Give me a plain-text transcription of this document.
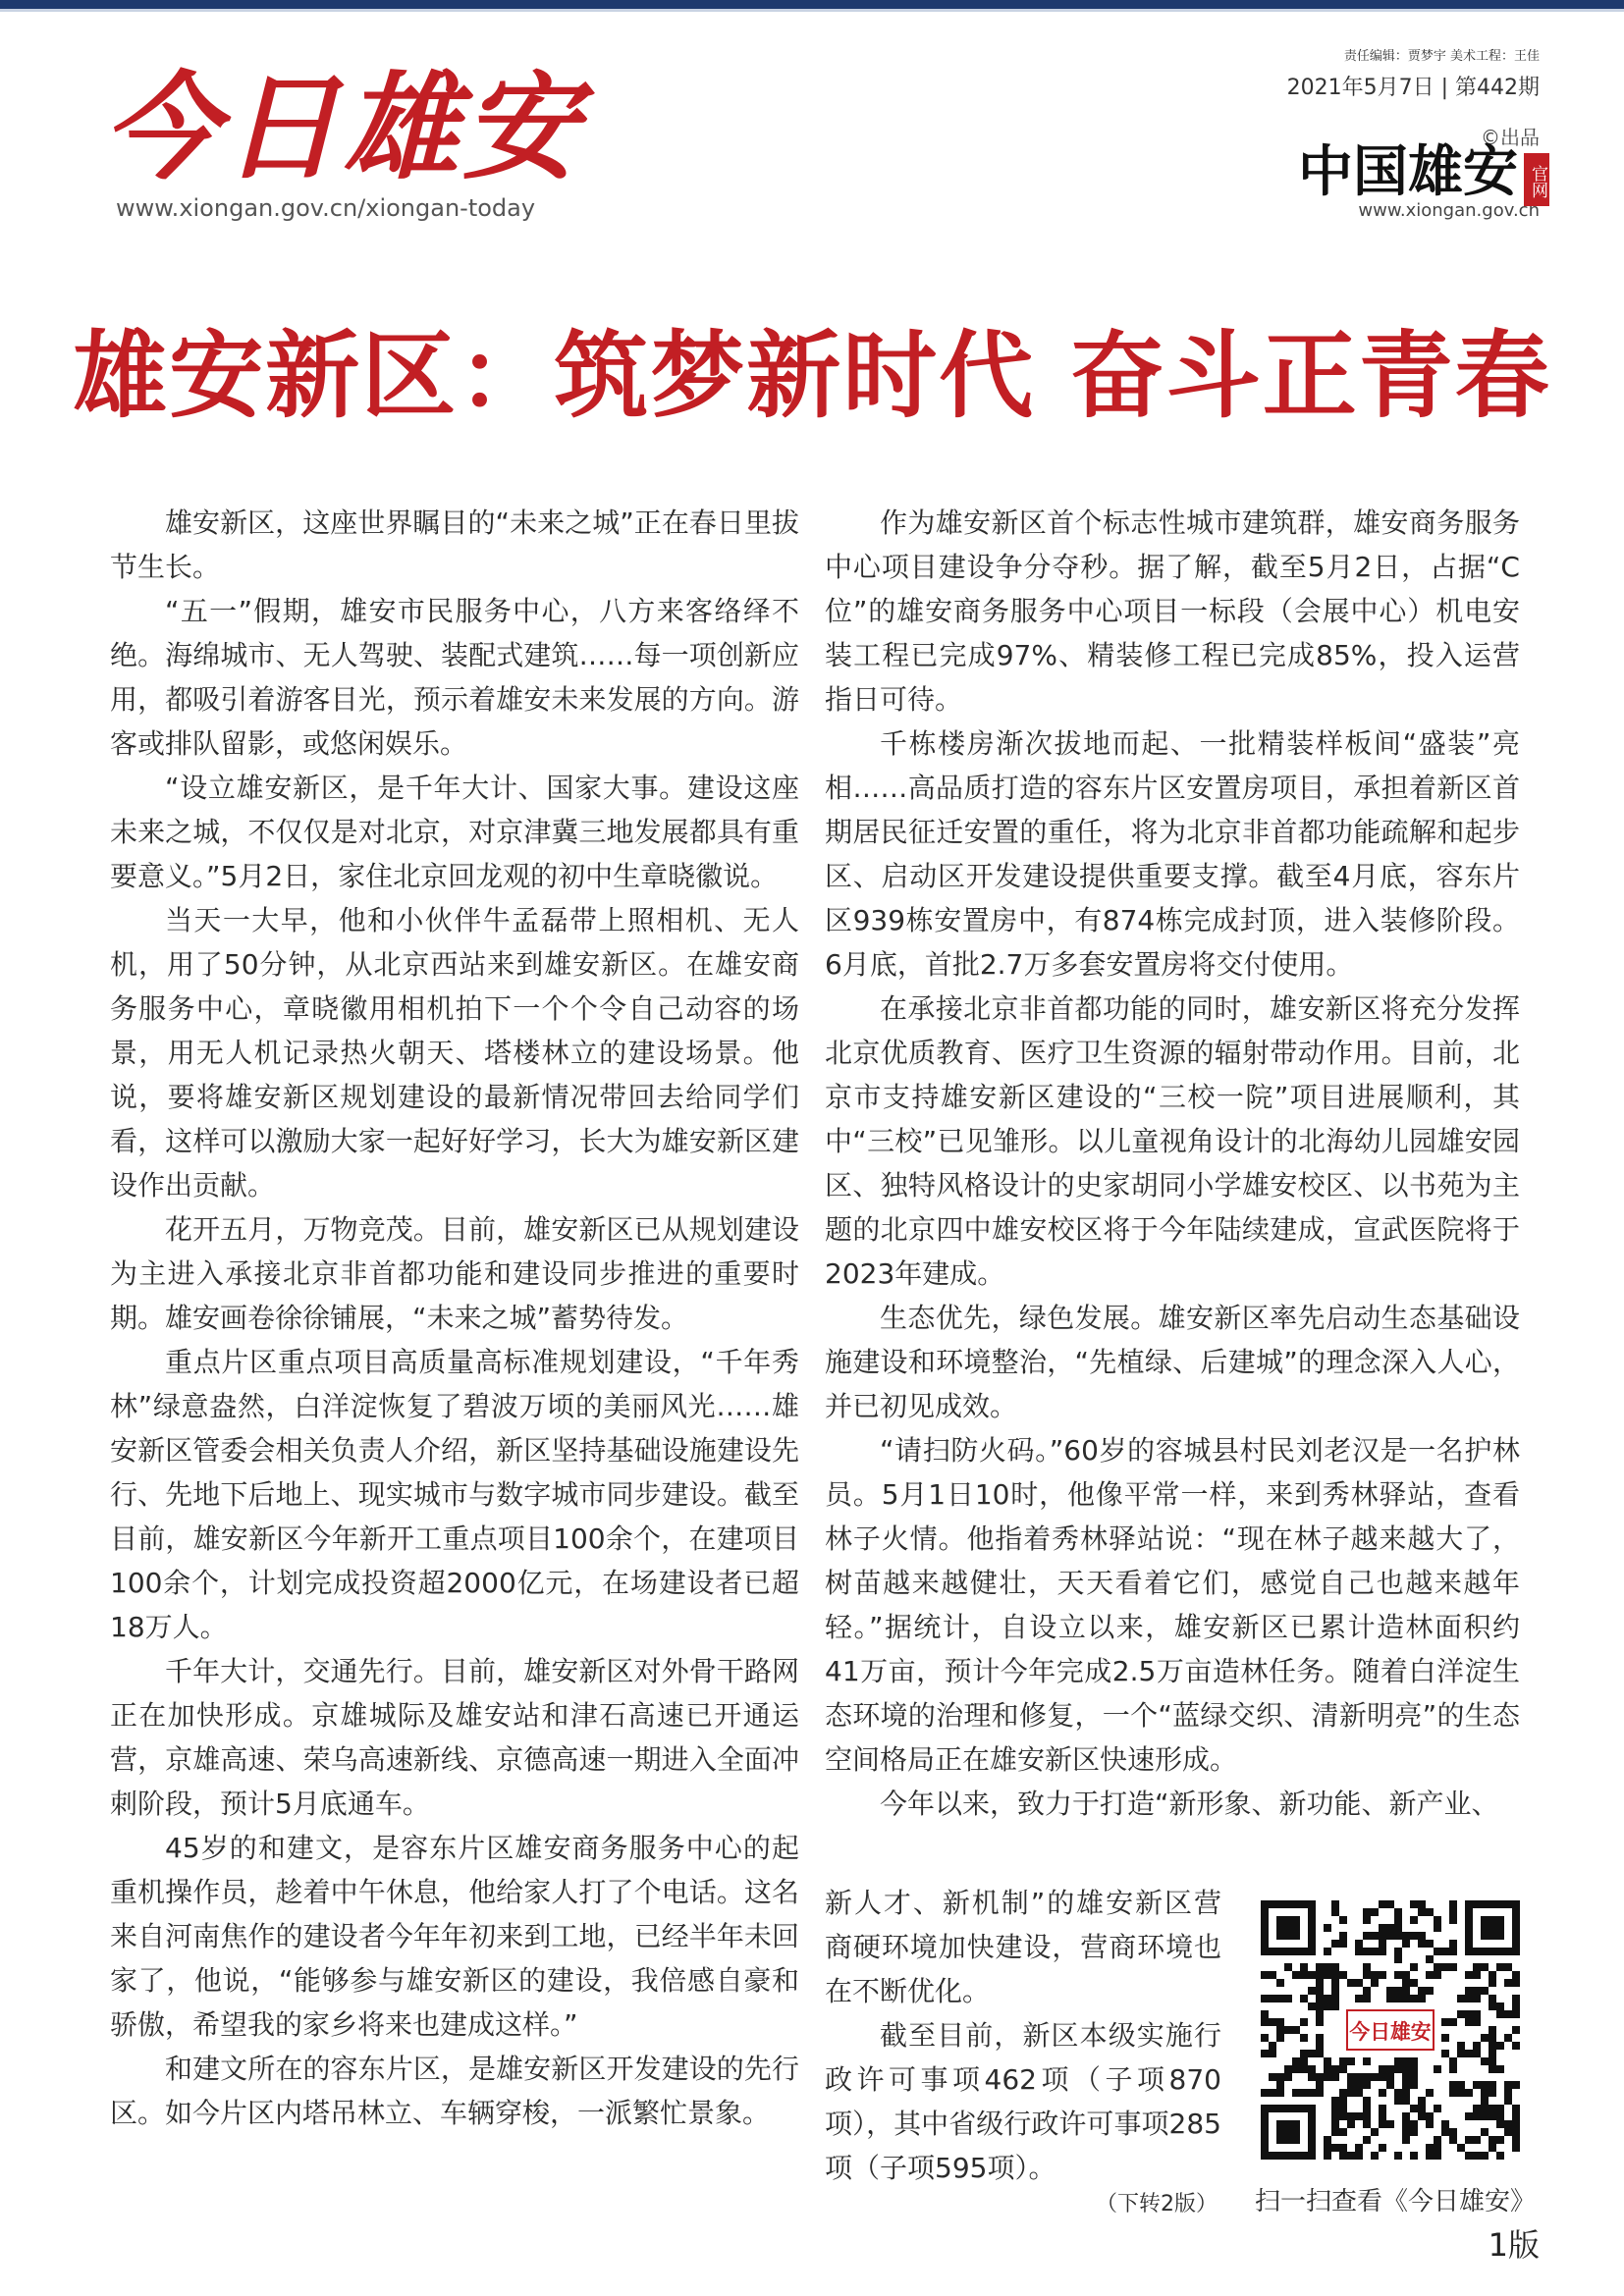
今日雄安
www.xiongan.gov.cn/xiongan-today
责任编辑：贾梦宇 美术工程：王佳
2021年5月7日 | 第442期
©出品
中国雄安 官网
www.xiongan.gov.cn
雄安新区：筑梦新时代 奋斗正青春

雄安新区，这座世界瞩目的“未来之城”正在春日里拔节生长。

“五一”假期，雄安市民服务中心，八方来客络绎不绝。海绵城市、无人驾驶、装配式建筑……每一项创新应用，都吸引着游客目光，预示着雄安未来发展的方向。游客或排队留影，或悠闲娱乐。

“设立雄安新区，是千年大计、国家大事。建设这座未来之城，不仅仅是对北京，对京津冀三地发展都具有重要意义。”5月2日，家住北京回龙观的初中生章晓徽说。

当天一大早，他和小伙伴牛孟磊带上照相机、无人机，用了50分钟，从北京西站来到雄安新区。在雄安商务服务中心，章晓徽用相机拍下一个个令自己动容的场景，用无人机记录热火朝天、塔楼林立的建设场景。他说，要将雄安新区规划建设的最新情况带回去给同学们看，这样可以激励大家一起好好学习，长大为雄安新区建设作出贡献。

花开五月，万物竞茂。目前，雄安新区已从规划建设为主进入承接北京非首都功能和建设同步推进的重要时期。雄安画卷徐徐铺展，“未来之城”蓄势待发。

重点片区重点项目高质量高标准规划建设，“千年秀林”绿意盎然，白洋淀恢复了碧波万顷的美丽风光……雄安新区管委会相关负责人介绍，新区坚持基础设施建设先行、先地下后地上、现实城市与数字城市同步建设。截至目前，雄安新区今年新开工重点项目100余个，在建项目100余个，计划完成投资超2000亿元，在场建设者已超18万人。

千年大计，交通先行。目前，雄安新区对外骨干路网正在加快形成。京雄城际及雄安站和津石高速已开通运营，京雄高速、荣乌高速新线、京德高速一期进入全面冲刺阶段，预计5月底通车。

45岁的和建文，是容东片区雄安商务服务中心的起重机操作员，趁着中午休息，他给家人打了个电话。这名来自河南焦作的建设者今年年初来到工地，已经半年未回家了，他说，“能够参与雄安新区的建设，我倍感自豪和骄傲，希望我的家乡将来也建成这样。”

和建文所在的容东片区，是雄安新区开发建设的先行区。如今片区内塔吊林立、车辆穿梭，一派繁忙景象。

作为雄安新区首个标志性城市建筑群，雄安商务服务中心项目建设争分夺秒。据了解，截至5月2日，占据“C位”的雄安商务服务中心项目一标段（会展中心）机电安装工程已完成97%、精装修工程已完成85%，投入运营指日可待。

千栋楼房渐次拔地而起、一批精装样板间“盛装”亮相……高品质打造的容东片区安置房项目，承担着新区首期居民征迁安置的重任，将为北京非首都功能疏解和起步区、启动区开发建设提供重要支撑。截至4月底，容东片区939栋安置房中，有874栋完成封顶，进入装修阶段。6月底，首批2.7万多套安置房将交付使用。

在承接北京非首都功能的同时，雄安新区将充分发挥北京优质教育、医疗卫生资源的辐射带动作用。目前，北京市支持雄安新区建设的“三校一院”项目进展顺利，其中“三校”已见雏形。以儿童视角设计的北海幼儿园雄安园区、独特风格设计的史家胡同小学雄安校区、以书苑为主题的北京四中雄安校区将于今年陆续建成，宣武医院将于2023年建成。

生态优先，绿色发展。雄安新区率先启动生态基础设施建设和环境整治，“先植绿、后建城”的理念深入人心，并已初见成效。

“请扫防火码。”60岁的容城县村民刘老汉是一名护林员。5月1日10时，他像平常一样，来到秀林驿站，查看林子火情。他指着秀林驿站说：“现在林子越来越大了，树苗越来越健壮，天天看着它们，感觉自己也越来越年轻。”据统计，自设立以来，雄安新区已累计造林面积约41万亩，预计今年完成2.5万亩造林任务。随着白洋淀生态环境的治理和修复，一个“蓝绿交织、清新明亮”的生态空间格局正在雄安新区快速形成。

今年以来，致力于打造“新形象、新功能、新产业、

新人才、新机制”的雄安新区营商硬环境加快建设，营商环境也在不断优化。

截至目前，新区本级实施行政许可事项462项（子项870项），其中省级行政许可事项285项（子项595项）。

（下转2版）
今日雄安
扫一扫查看《今日雄安》
1版
